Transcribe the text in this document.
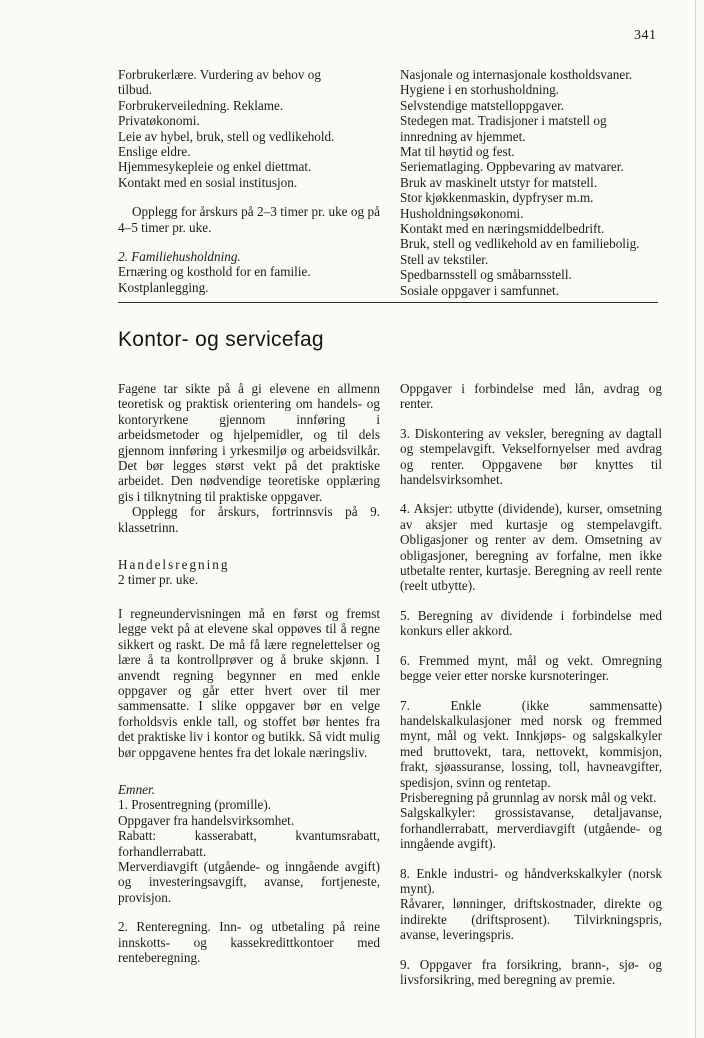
341

Forbrukerlære. Vurdering av behov og

tilbud.

Forbrukerveiledning. Reklame.

Privatøkonomi.

Leie av hybel, bruk, stell og vedlikehold.

Enslige eldre.

Hjemmesykepleie og enkel diettmat.

Kontakt med en sosial institusjon.

Opplegg for årskurs på 2–3 timer pr. uke og på 4–5 timer pr. uke.

2. Familiehusholdning.

Ernæring og kosthold for en familie.

Kostplanlegging.

Nasjonale og internasjonale kostholdsvaner.

Hygiene i en storhusholdning.

Selvstendige matstelloppgaver.

Stedegen mat. Tradisjoner i matstell og

innredning av hjemmet.

Mat til høytid og fest.

Seriematlaging. Oppbevaring av matvarer.

Bruk av maskinelt utstyr for matstell.

Stor kjøkkenmaskin, dypfryser m.m.

Husholdningsøkonomi.

Kontakt med en næringsmiddelbedrift.

Bruk, stell og vedlikehold av en familiebolig.

Stell av tekstiler.

Spedbarnsstell og småbarnsstell.

Sosiale oppgaver i samfunnet.

Kontor- og servicefag

Fagene tar sikte på å gi elevene en allmenn teoretisk og praktisk orientering om handels- og kontoryrkene gjennom innføring i arbeidsmetoder og hjelpemidler, og til dels gjennom innføring i yrkesmiljø og arbeidsvilkår. Det bør legges størst vekt på det praktiske arbeidet. Den nødvendige teoretiske opplæring gis i tilknytning til praktiske oppgaver.

Opplegg for årskurs, fortrinnsvis på 9. klassetrinn.

Handelsregning

2 timer pr. uke.

I regneundervisningen må en først og fremst legge vekt på at elevene skal oppøves til å regne sikkert og raskt. De må få lære regnelettelser og lære å ta kontrollprøver og å bruke skjønn. I anvendt regning begynner en med enkle oppgaver og går etter hvert over til mer sammensatte. I slike oppgaver bør en velge forholdsvis enkle tall, og stoffet bør hentes fra det praktiske liv i kontor og butikk. Så vidt mulig bør oppgavene hentes fra det lokale næringsliv.

Emner.

1. Prosentregning (promille).

Oppgaver fra handelsvirksomhet.

Rabatt: kasserabatt, kvantumsrabatt, forhandlerrabatt.

Merverdiavgift (utgående- og inngående avgift) og investeringsavgift, avanse, fortjeneste, provisjon.

2. Renteregning. Inn- og utbetaling på reine innskotts- og kassekredittkontoer med renteberegning.

Oppgaver i forbindelse med lån, avdrag og renter.

3. Diskontering av veksler, beregning av dagtall og stempelavgift. Vekselfornyelser med avdrag og renter. Oppgavene bør knyttes til handelsvirksomhet.

4. Aksjer: utbytte (dividende), kurser, omsetning av aksjer med kurtasje og stempelavgift. Obligasjoner og renter av dem. Omsetning av obligasjoner, beregning av forfalne, men ikke utbetalte renter, kurtasje. Beregning av reell rente (reelt utbytte).

5. Beregning av dividende i forbindelse med konkurs eller akkord.

6. Fremmed mynt, mål og vekt. Omregning begge veier etter norske kursnoteringer.

7. Enkle (ikke sammensatte) handelskalkulasjoner med norsk og fremmed mynt, mål og vekt. Innkjøps- og salgskalkyler med bruttovekt, tara, nettovekt, kommisjon, frakt, sjøassuranse, lossing, toll, havneavgifter, spedisjon, svinn og rentetap.

Prisberegning på grunnlag av norsk mål og vekt.

Salgskalkyler: grossistavanse, detaljavanse, forhandlerrabatt, merverdiavgift (utgående- og inngående avgift).

8. Enkle industri- og håndverkskalkyler (norsk mynt).

Råvarer, lønninger, driftskostnader, direkte og indirekte (driftsprosent). Tilvirkningspris, avanse, leveringspris.

9. Oppgaver fra forsikring, brann-, sjø- og livsforsikring, med beregning av premie.
